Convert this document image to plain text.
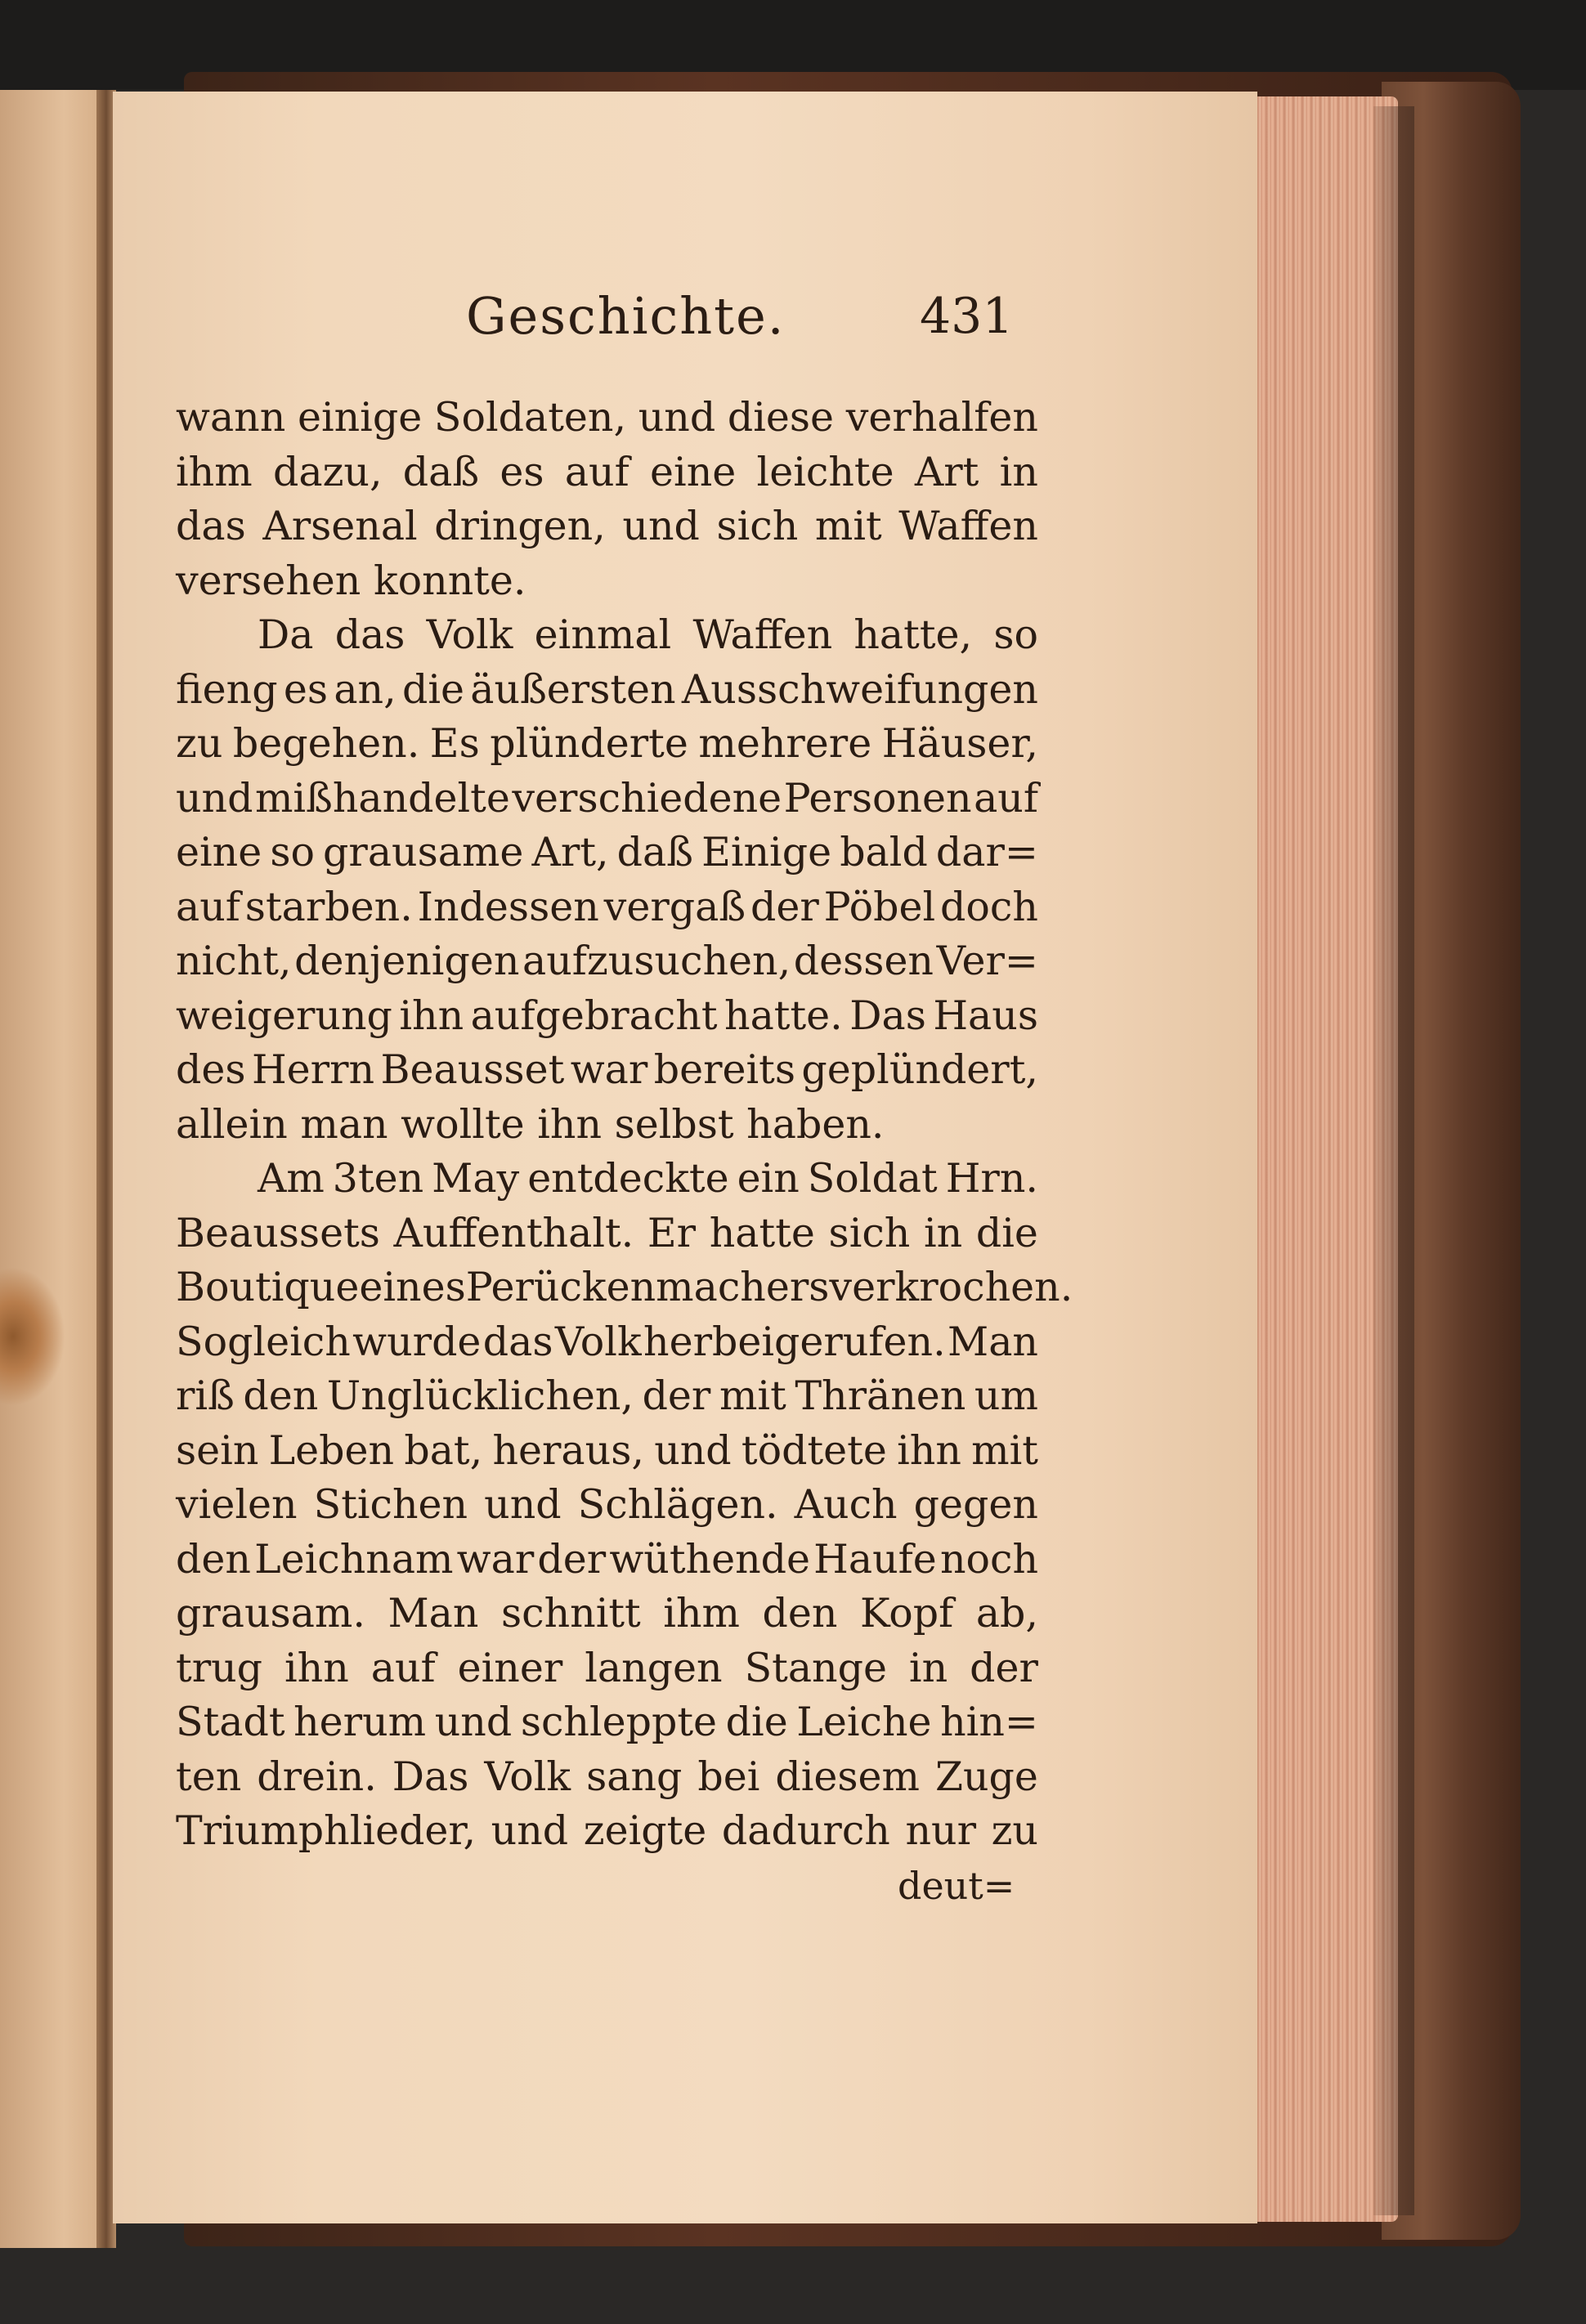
Geschichte.	431
wann einige Soldaten, und diese verhalfen
ihm dazu, daß es auf eine leichte Art in
das Arsenal dringen, und sich mit Waffen
versehen konnte.
Da das Volk einmal Waffen hatte, so
fieng es an, die äußersten Ausschweifungen
zu begehen. Es plünderte mehrere Häuser,
und mißhandelte verschiedene Personen auf
eine so grausame Art, daß Einige bald dar=
auf starben. Indessen vergaß der Pöbel doch
nicht, denjenigen aufzusuchen, dessen Ver=
weigerung ihn aufgebracht hatte. Das Haus
des Herrn Beausset war bereits geplündert,
allein man wollte ihn selbst haben.
Am 3ten May entdeckte ein Soldat Hrn.
Beaussets Auffenthalt. Er hatte sich in die
Boutique eines Perückenmachers verkrochen.
Sogleich wurde das Volk herbeigerufen. Man
riß den Unglücklichen, der mit Thränen um
sein Leben bat, heraus, und tödtete ihn mit
vielen Stichen und Schlägen. Auch gegen
den Leichnam war der wüthende Haufe noch
grausam. Man schnitt ihm den Kopf ab,
trug ihn auf einer langen Stange in der
Stadt herum und schleppte die Leiche hin=
ten drein. Das Volk sang bei diesem Zuge
Triumphlieder, und zeigte dadurch nur zu
deut=
